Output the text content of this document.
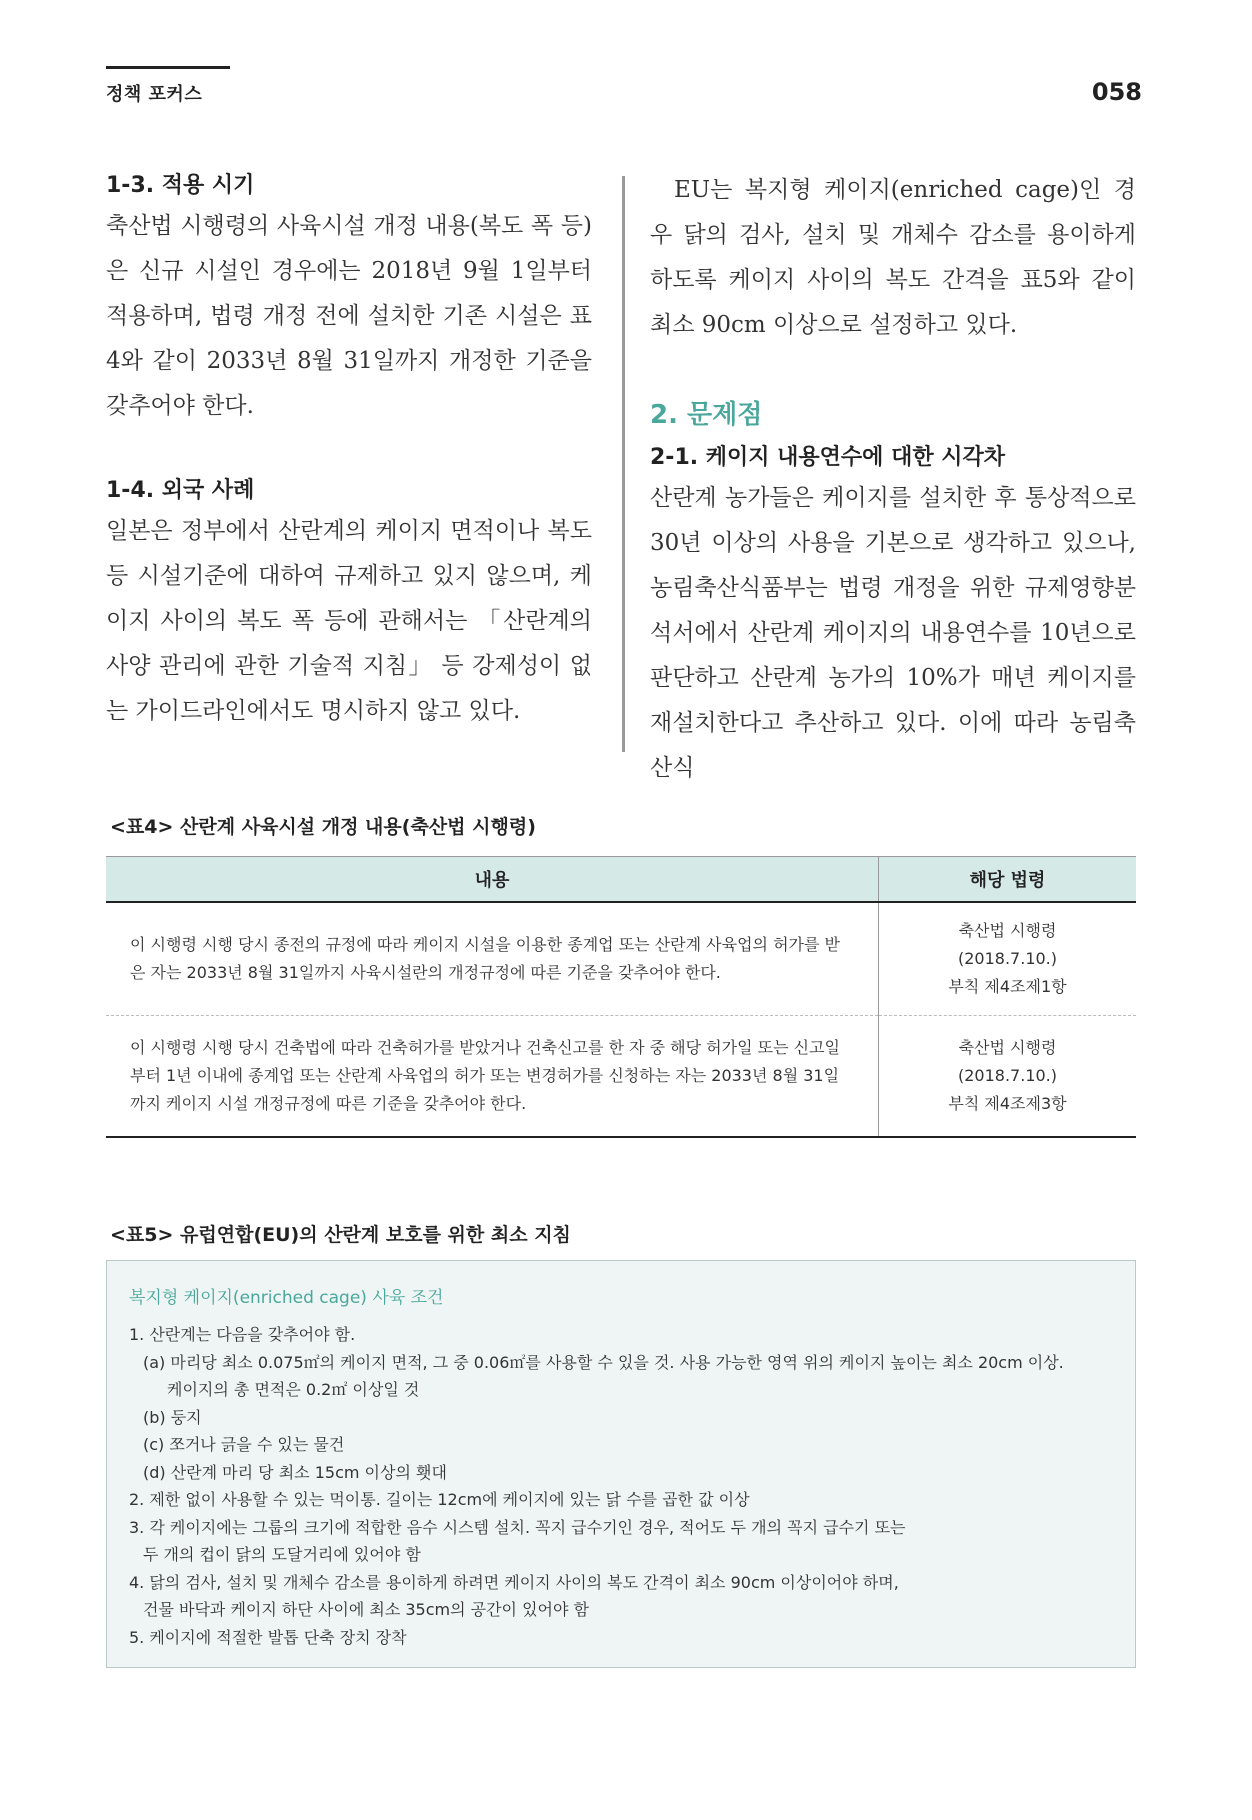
정책 포커스	058
1-3. 적용 시기

축산법 시행령의 사육시설 개정 내용(복도 폭 등)은 신규 시설인 경우에는 2018년 9월 1일부터 적용하며, 법령 개정 전에 설치한 기존 시설은 표4와 같이 2033년 8월 31일까지 개정한 기준을 갖추어야 한다.

1-4. 외국 사례

일본은 정부에서 산란계의 케이지 면적이나 복도 등 시설기준에 대하여 규제하고 있지 않으며, 케이지 사이의 복도 폭 등에 관해서는 「산란계의 사양 관리에 관한 기술적 지침」 등 강제성이 없는 가이드라인에서도 명시하지 않고 있다.

EU는 복지형 케이지(enriched cage)인 경우 닭의 검사, 설치 및 개체수 감소를 용이하게 하도록 케이지 사이의 복도 간격을 표5와 같이 최소 90cm 이상으로 설정하고 있다.

2. 문제점
2-1. 케이지 내용연수에 대한 시각차

산란계 농가들은 케이지를 설치한 후 통상적으로 30년 이상의 사용을 기본으로 생각하고 있으나, 농림축산식품부는 법령 개정을 위한 규제영향분석서에서 산란계 케이지의 내용연수를 10년으로 판단하고 산란계 농가의 10%가 매년 케이지를 재설치한다고 추산하고 있다. 이에 따라 농림축산식

<표4> 산란계 사육시설 개정 내용(축산법 시행령)
내용	해당 법령
이 시행령 시행 당시 종전의 규정에 따라 케이지 시설을 이용한 종계업 또는 산란계 사육업의 허가를 받은 자는 2033년 8월 31일까지 사육시설란의 개정규정에 따른 기준을 갖추어야 한다.	축산법 시행령
(2018.7.10.)
부칙 제4조제1항

이 시행령 시행 당시 건축법에 따라 건축허가를 받았거나 건축신고를 한 자 중 해당 허가일 또는 신고일부터 1년 이내에 종계업 또는 산란계 사육업의 허가 또는 변경허가를 신청하는 자는 2033년 8월 31일까지 케이지 시설 개정규정에 따른 기준을 갖추어야 한다.	축산법 시행령
(2018.7.10.)
부칙 제4조제3항
<표5> 유럽연합(EU)의 산란계 보호를 위한 최소 지침
복지형 케이지(enriched cage) 사육 조건
1. 산란계는 다음을 갖추어야 함.
(a) 마리당 최소 0.075㎡의 케이지 면적, 그 중 0.06㎡를 사용할 수 있을 것. 사용 가능한 영역 위의 케이지 높이는 최소 20cm 이상.
케이지의 총 면적은 0.2㎡ 이상일 것
(b) 둥지
(c) 쪼거나 긁을 수 있는 물건
(d) 산란계 마리 당 최소 15cm 이상의 횃대
2. 제한 없이 사용할 수 있는 먹이통. 길이는 12cm에 케이지에 있는 닭 수를 곱한 값 이상
3. 각 케이지에는 그룹의 크기에 적합한 음수 시스템 설치. 꼭지 급수기인 경우, 적어도 두 개의 꼭지 급수기 또는
두 개의 컵이 닭의 도달거리에 있어야 함
4. 닭의 검사, 설치 및 개체수 감소를 용이하게 하려면 케이지 사이의 복도 간격이 최소 90cm 이상이어야 하며,
건물 바닥과 케이지 하단 사이에 최소 35cm의 공간이 있어야 함
5. 케이지에 적절한 발톱 단축 장치 장착
